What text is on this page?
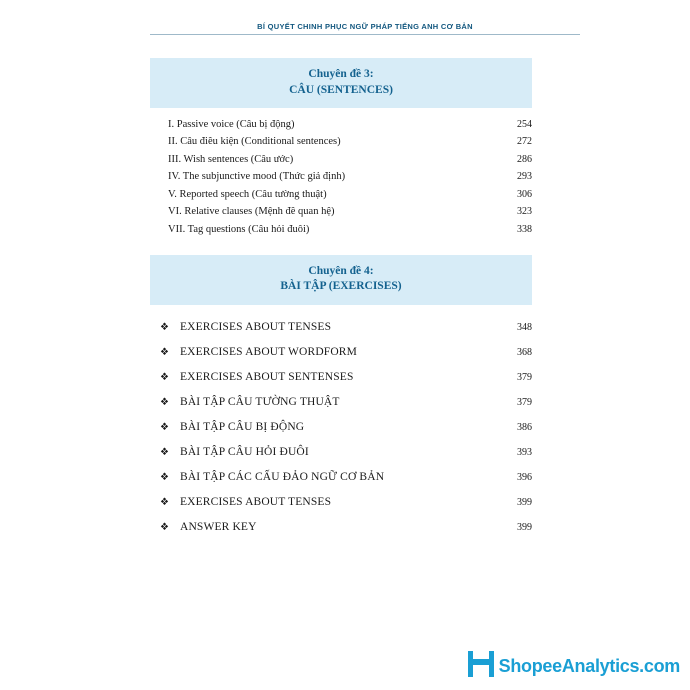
BÍ QUYẾT CHINH PHỤC NGỮ PHÁP TIẾNG ANH CƠ BẢN
Chuyên đề 3:
CÂU (SENTENCES)
I. Passive voice (Câu bị động)	254
II. Câu điều kiện (Conditional sentences)	272
III. Wish sentences (Câu ước)	286
IV. The subjunctive mood (Thức giả định)	293
V. Reported speech (Câu tường thuật)	306
VI. Relative clauses (Mệnh đề quan hệ)	323
VII. Tag questions (Câu hỏi đuôi)	338
Chuyên đề 4:
BÀI TẬP (EXERCISES)
❖ EXERCISES ABOUT TENSES	348
❖ EXERCISES ABOUT WORDFORM	368
❖ EXERCISES ABOUT SENTENSES	379
❖ BÀI TẬP CÂU TƯỜNG THUẬT	379
❖ BÀI TẬP CÂU BỊ ĐỘNG	386
❖ BÀI TẬP CÂU HỎI ĐUÔI	393
❖ BÀI TẬP CÁC CẤU ĐẢO NGỮ CƠ BẢN	396
❖ EXERCISES ABOUT TENSES	399
❖ ANSWER KEY	399
ShopeeAnalytics.com
